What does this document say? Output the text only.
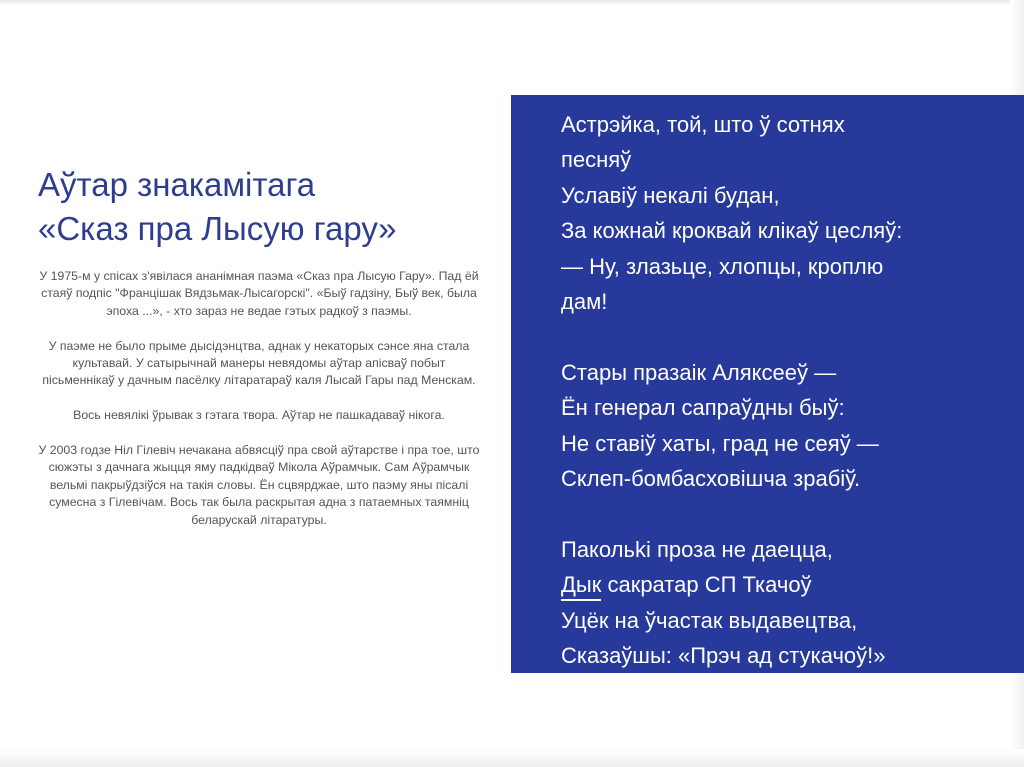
Аўтар знакамітага
«Сказ пра Лысую гару»

У 1975-м у спісах з'явілася ананімная паэма «Сказ пра Лысую Гару». Пад ёй стаяў подпіс "Францішак Вядзьмак-Лысагорскі". «Быў гадзіну, Быў век, была эпоха ...», - хто зараз не ведае гэтых радкоў з паэмы.

У паэме не было прыме дысідэнцтва, аднак у некаторых сэнсе яна стала культавай. У сатырычнай манеры невядомы аўтар апісваў побыт пісьменнікаў у дачным пасёлку літаратараў каля Лысай Гары пад Менскам.

Вось невялікі ўрывак з гэтага твора. Аўтар не пашкадаваў нікога.

У 2003 годзе Ніл Гілевіч нечакана абвясціў пра свой аўтарстве і пра тое, што сюжэты з дачнага жыцця яму падкідваў Мікола Аўрамчык. Сам Аўрамчык вельмі пакрыўдзіўся на такія словы. Ён сцвярджае, што паэму яны пісалі сумесна з Гілевічам. Вось так была раскрытая адна з патаемных таямніц беларускай літаратуры.

Астрэйка, той, што ў сотнях
песняў
Уславіў некалі будан,
За кожнай кроквай клікаў цесляў:
— Ну, злазьце, хлопцы, кроплю
дам!
Стары празаік Аляксееў —
Ён генерал сапраўдны быў:
Не ставіў хаты, град не сеяў —
Склеп-бомбасховішча зрабіў.
Пакольki проза не даецца,
Дык сакратар СП Ткачоў
Уцёк на ўчастак выдавецтва,
Сказаўшы: «Прэч ад стукачоў!»
